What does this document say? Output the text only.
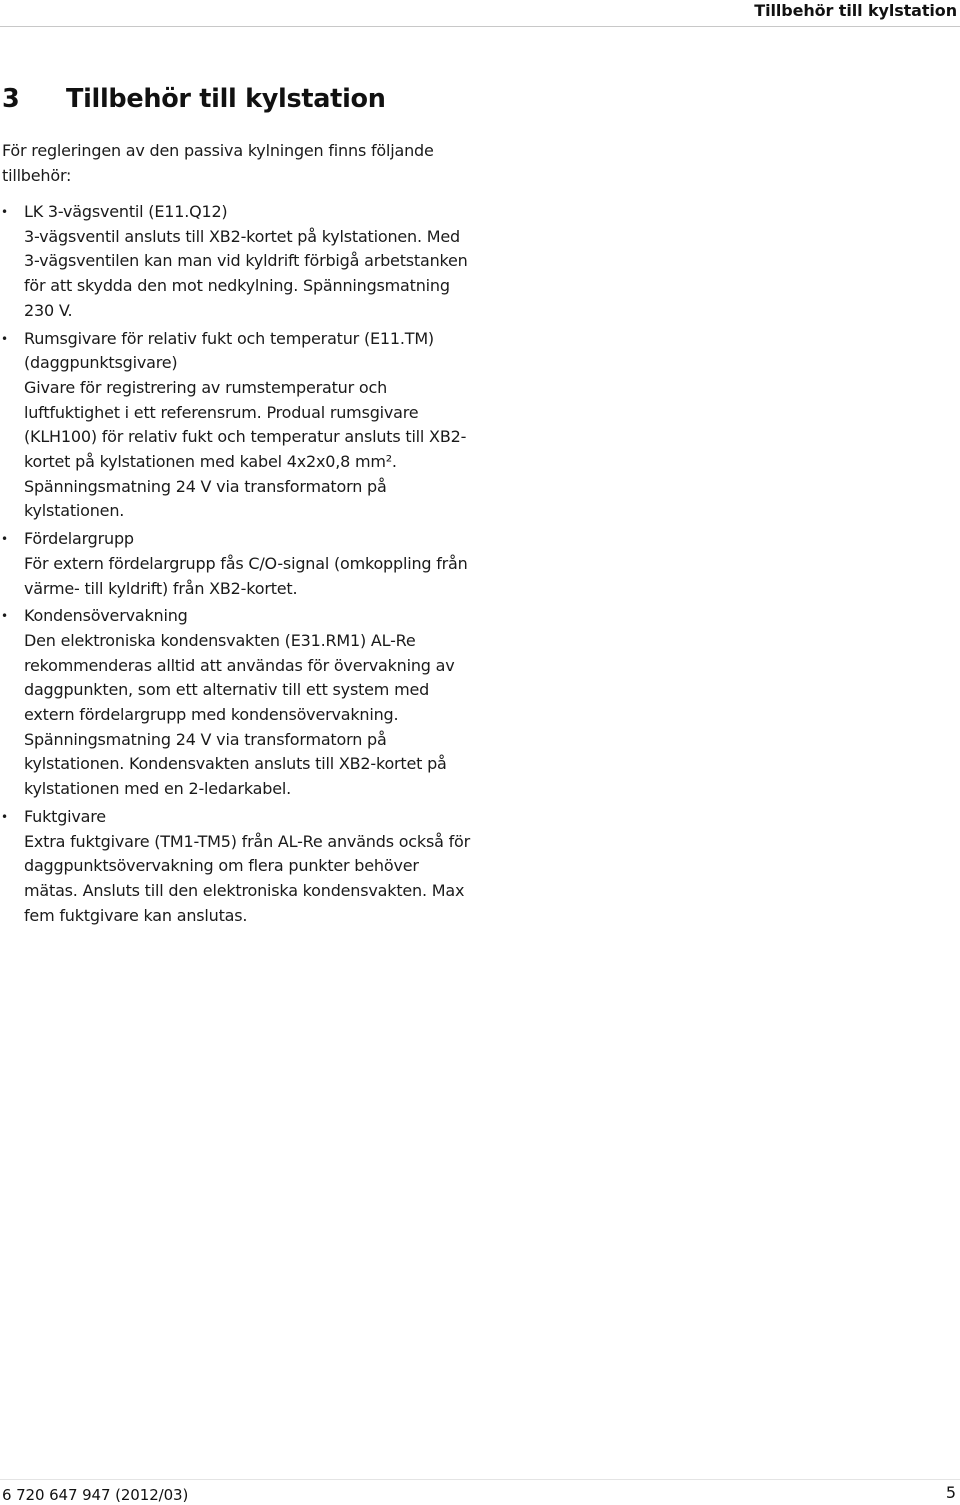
Tillbehör till kylstation
3 Tillbehör till kylstation

För regleringen av den passiva kylningen finns följande tillbehör:

• LK 3-vägsventil (E11.Q12)
3-vägsventil ansluts till XB2-kortet på kylstationen. Med 3-vägsventilen kan man vid kyldrift förbigå arbetstanken för att skydda den mot nedkylning. Spänningsmatning 230 V.
• Rumsgivare för relativ fukt och temperatur (E11.TM) (daggpunktsgivare)
Givare för registrering av rumstemperatur och luftfuktighet i ett referensrum. Produal rumsgivare (KLH100) för relativ fukt och temperatur ansluts till XB2-kortet på kylstationen med kabel 4x2x0,8 mm². Spänningsmatning 24 V via transformatorn på kylstationen.
• Fördelargrupp
För extern fördelargrupp fås C/O-signal (omkoppling från värme- till kyldrift) från XB2-kortet.
• Kondensövervakning
Den elektroniska kondensvakten (E31.RM1) AL-Re rekommenderas alltid att användas för övervakning av daggpunkten, som ett alternativ till ett system med extern fördelargrupp med kondensövervakning. Spänningsmatning 24 V via transformatorn på kylstationen. Kondensvakten ansluts till XB2-kortet på kylstationen med en 2-ledarkabel.
• Fuktgivare
Extra fuktgivare (TM1-TM5) från AL-Re används också för daggpunktsövervakning om flera punkter behöver mätas. Ansluts till den elektroniska kondensvakten. Max fem fuktgivare kan anslutas.
6 720 647 947 (2012/03)	5
